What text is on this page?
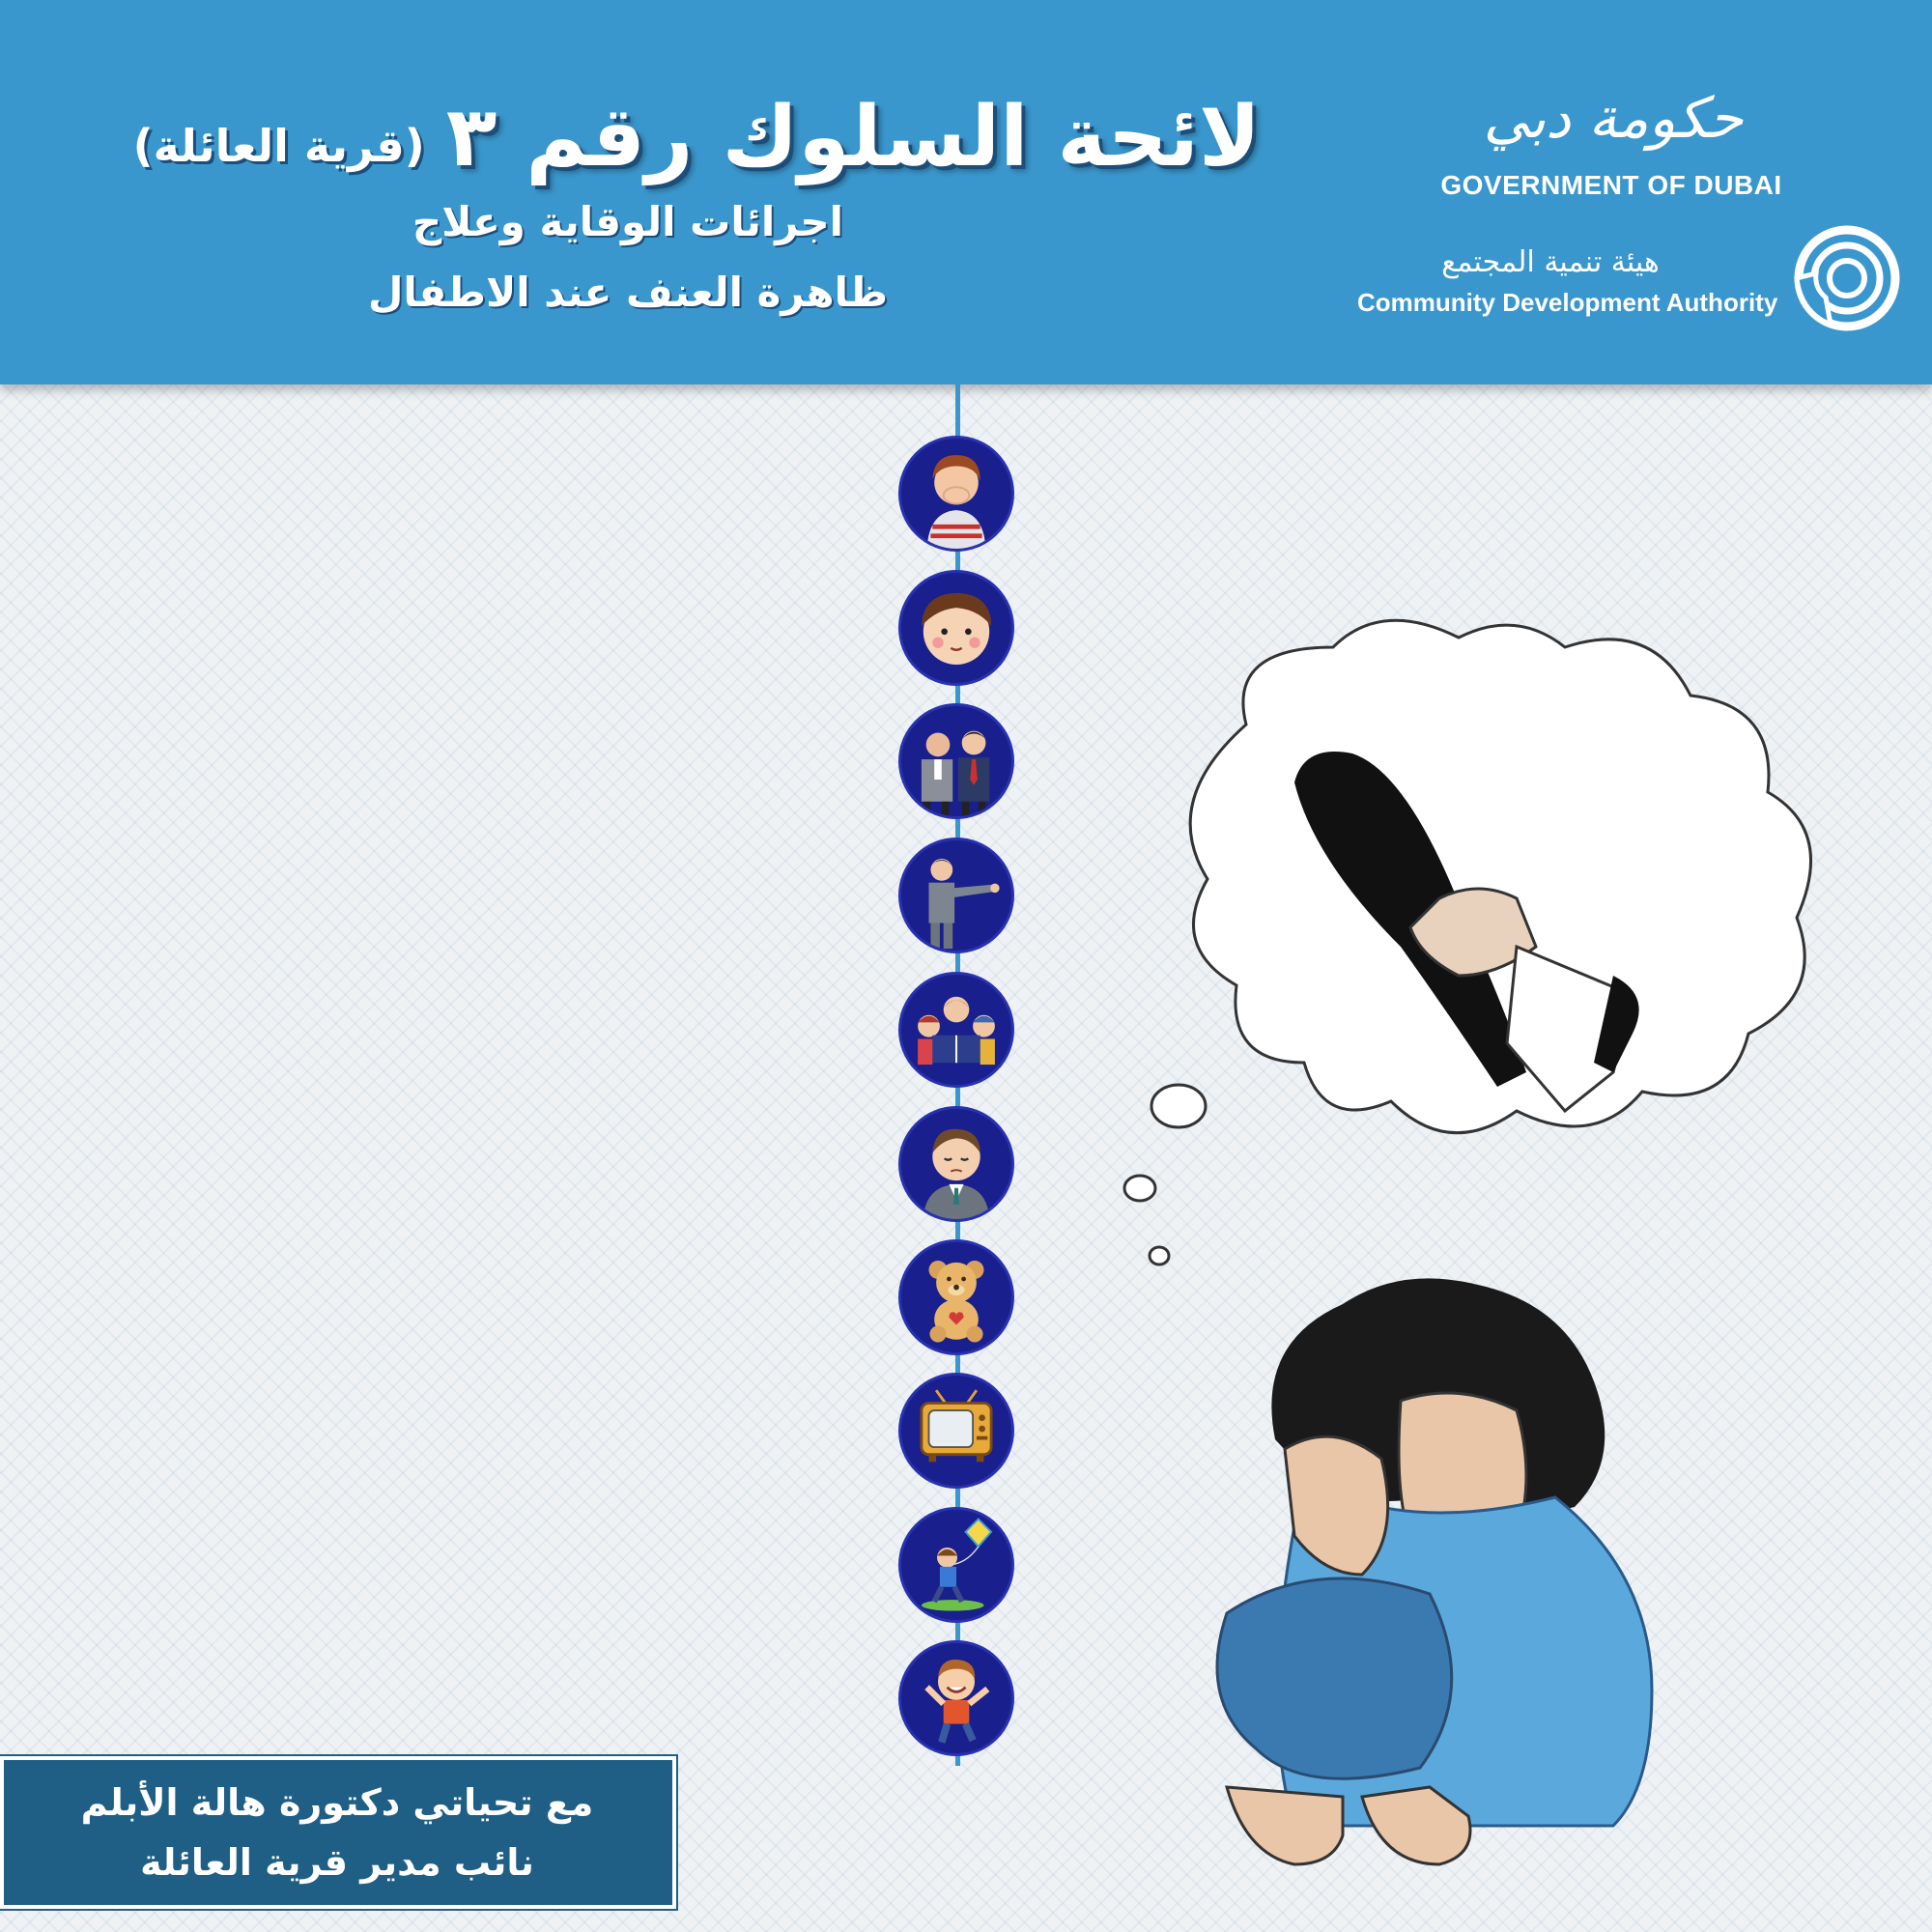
لائحة السلوك رقم ٣
(قرية العائلة)
اجرائات الوقاية وعلاج
ظاهرة العنف عند الاطفال
حكومة دبي
GOVERNMENT OF DUBAI
هيئة تنمية المجتمع
Community Development Authority
مع تحياتي دكتورة هالة الأبلم
نائب مدير قرية العائلة
